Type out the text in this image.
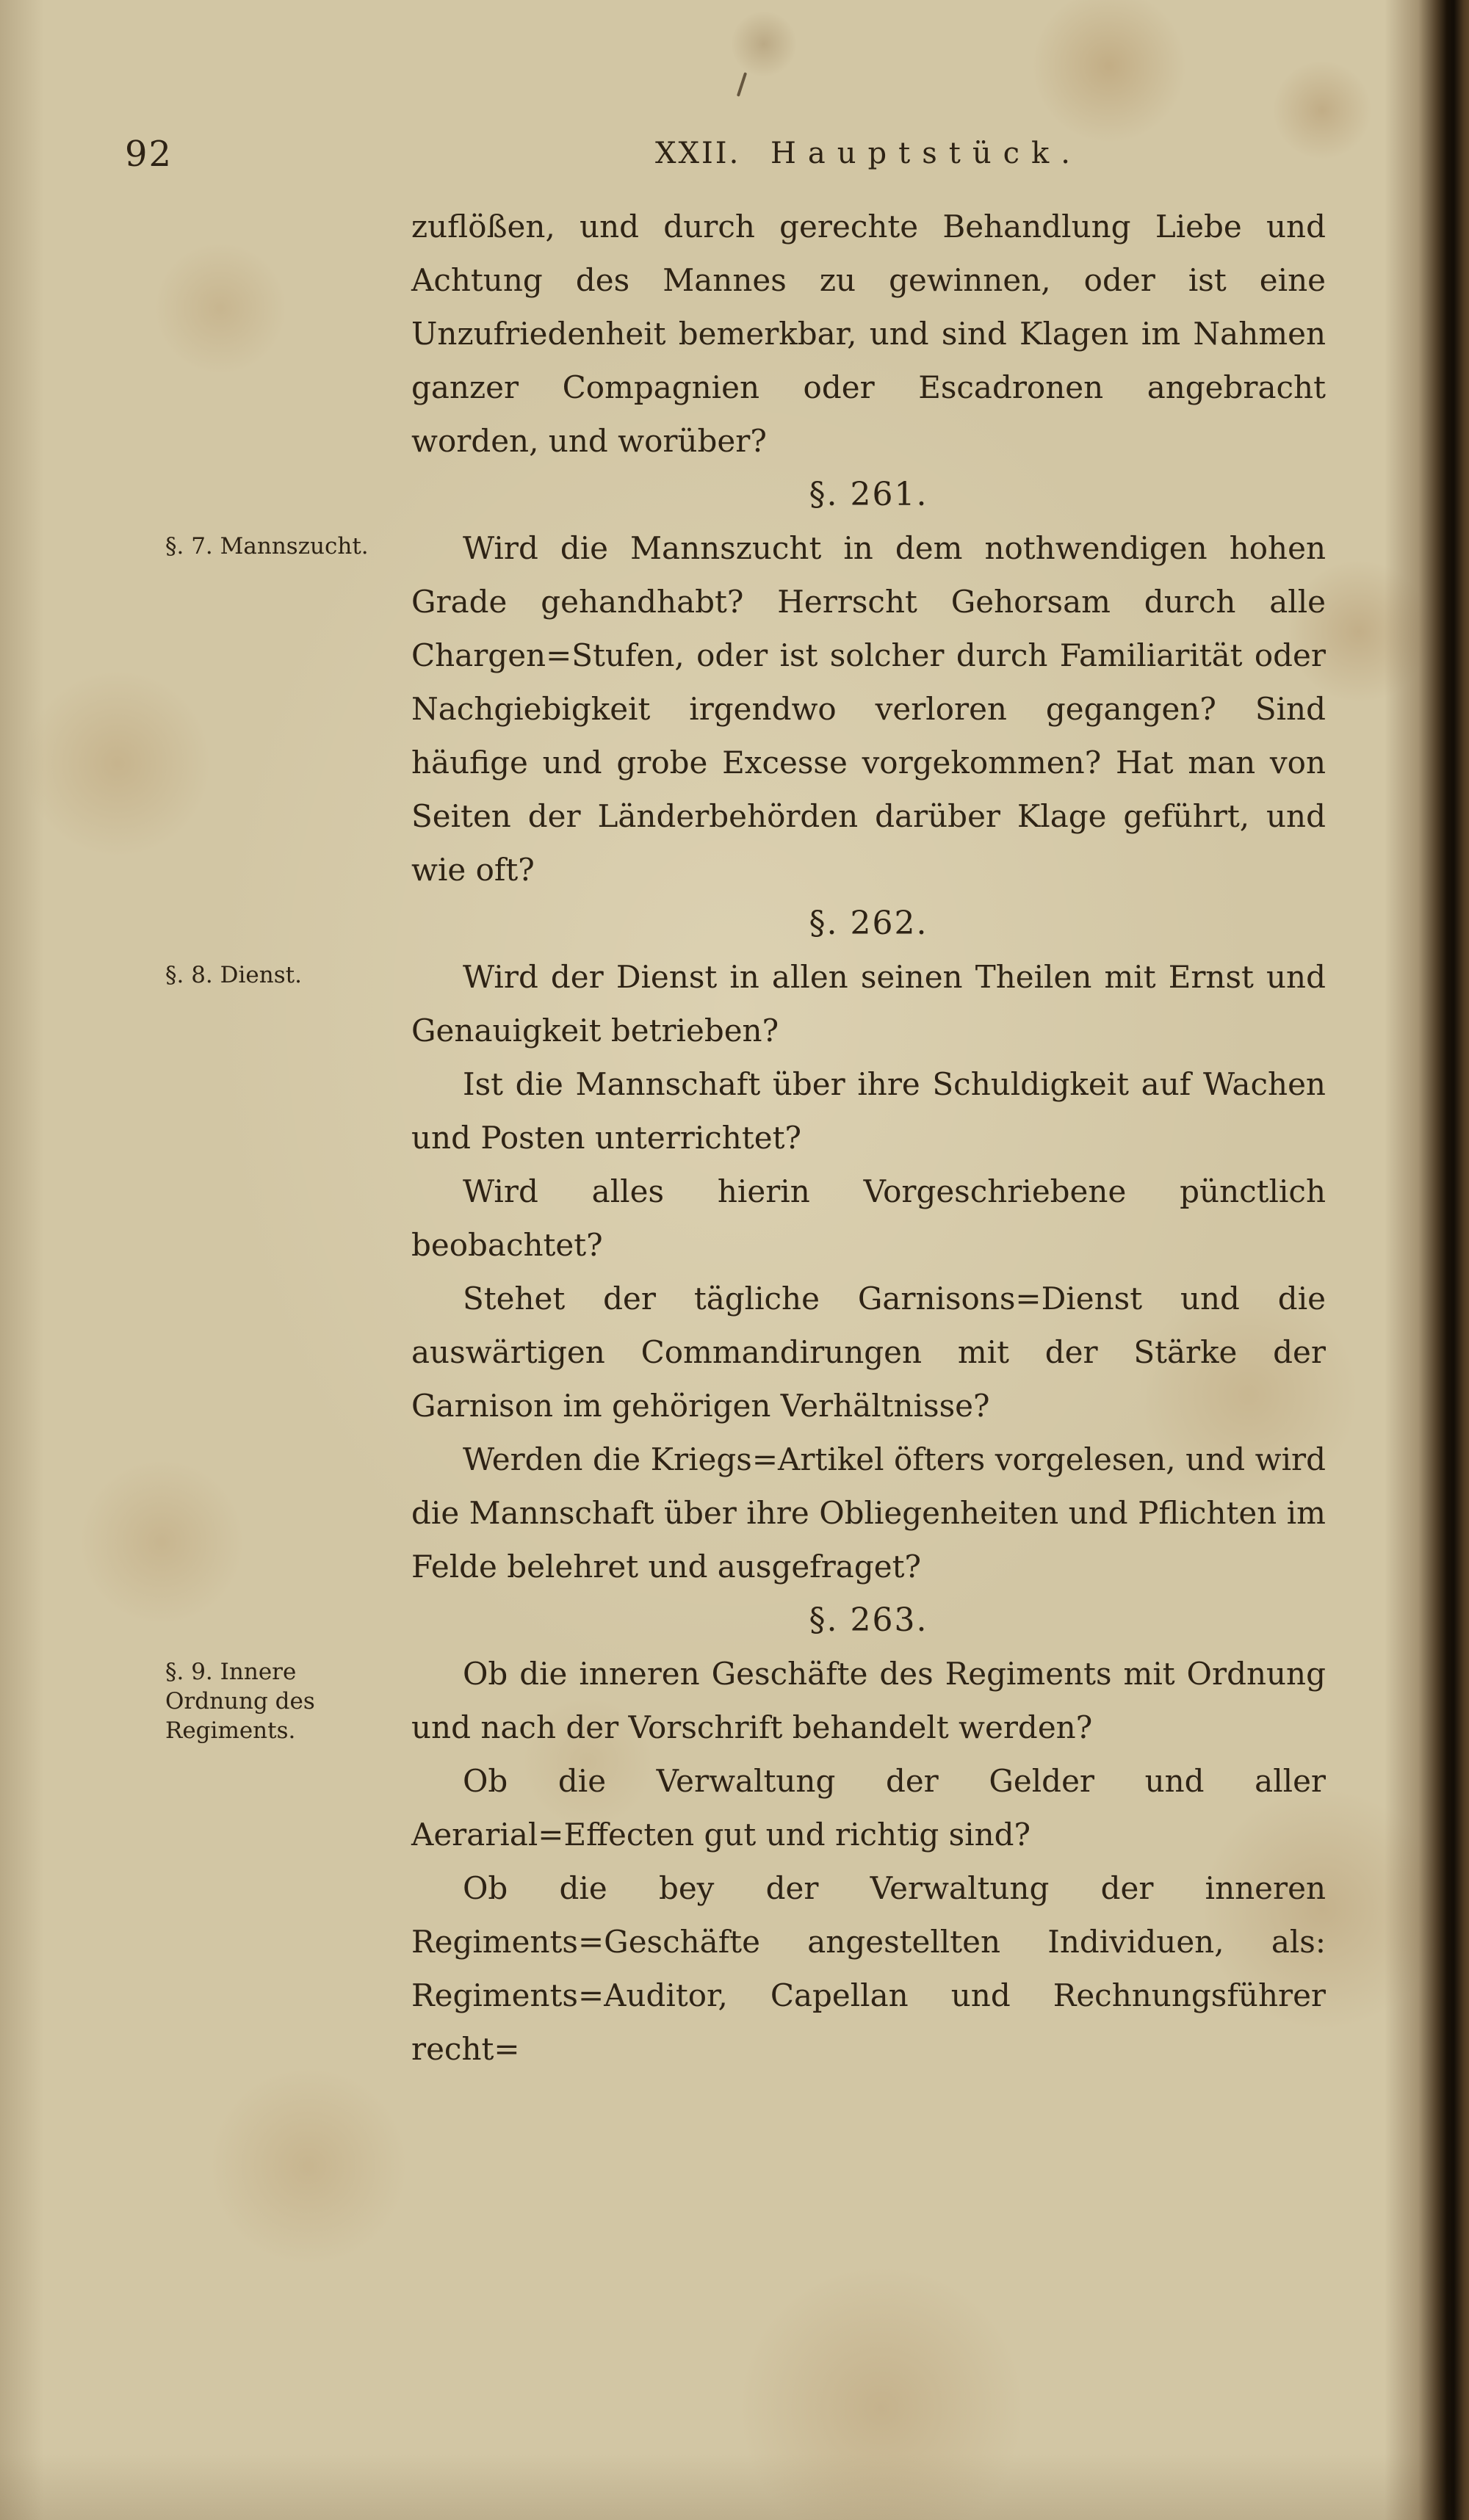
92	XXII. Hauptstück.

zuflößen, und durch gerechte Behandlung Liebe und Achtung des Mannes zu gewinnen, oder ist eine Unzufriedenheit bemerkbar, und sind Klagen im Nahmen ganzer Compagnien oder Escadronen angebracht worden, und worüber?

§. 261.

§. 7. Mannszucht.	Wird die Mannszucht in dem nothwendigen hohen Grade gehandhabt? Herrscht Gehorsam durch alle Chargen=Stufen, oder ist solcher durch Familiarität oder Nachgiebigkeit irgendwo verloren gegangen? Sind häufige und grobe Excesse vorgekommen? Hat man von Seiten der Länderbehörden darüber Klage geführt, und wie oft?

§. 262.

§. 8. Dienst.	Wird der Dienst in allen seinen Theilen mit Ernst und Genauigkeit betrieben?

Ist die Mannschaft über ihre Schuldigkeit auf Wachen und Posten unterrichtet?

Wird alles hierin Vorgeschriebene pünctlich beobachtet?

Stehet der tägliche Garnisons=Dienst und die auswärtigen Commandirungen mit der Stärke der Garnison im gehörigen Verhältnisse?

Werden die Kriegs=Artikel öfters vorgelesen, und wird die Mannschaft über ihre Obliegenheiten und Pflichten im Felde belehret und ausgefraget?

§. 263.

§. 9. Innere Ordnung des Regiments.

Ob die inneren Geschäfte des Regiments mit Ordnung und nach der Vorschrift behandelt werden?

Ob die Verwaltung der Gelder und aller Aerarial=Effecten gut und richtig sind?

Ob die bey der Verwaltung der inneren Regiments=Geschäfte angestellten Individuen, als: Regiments=Auditor, Capellan und Rechnungsführer recht=
